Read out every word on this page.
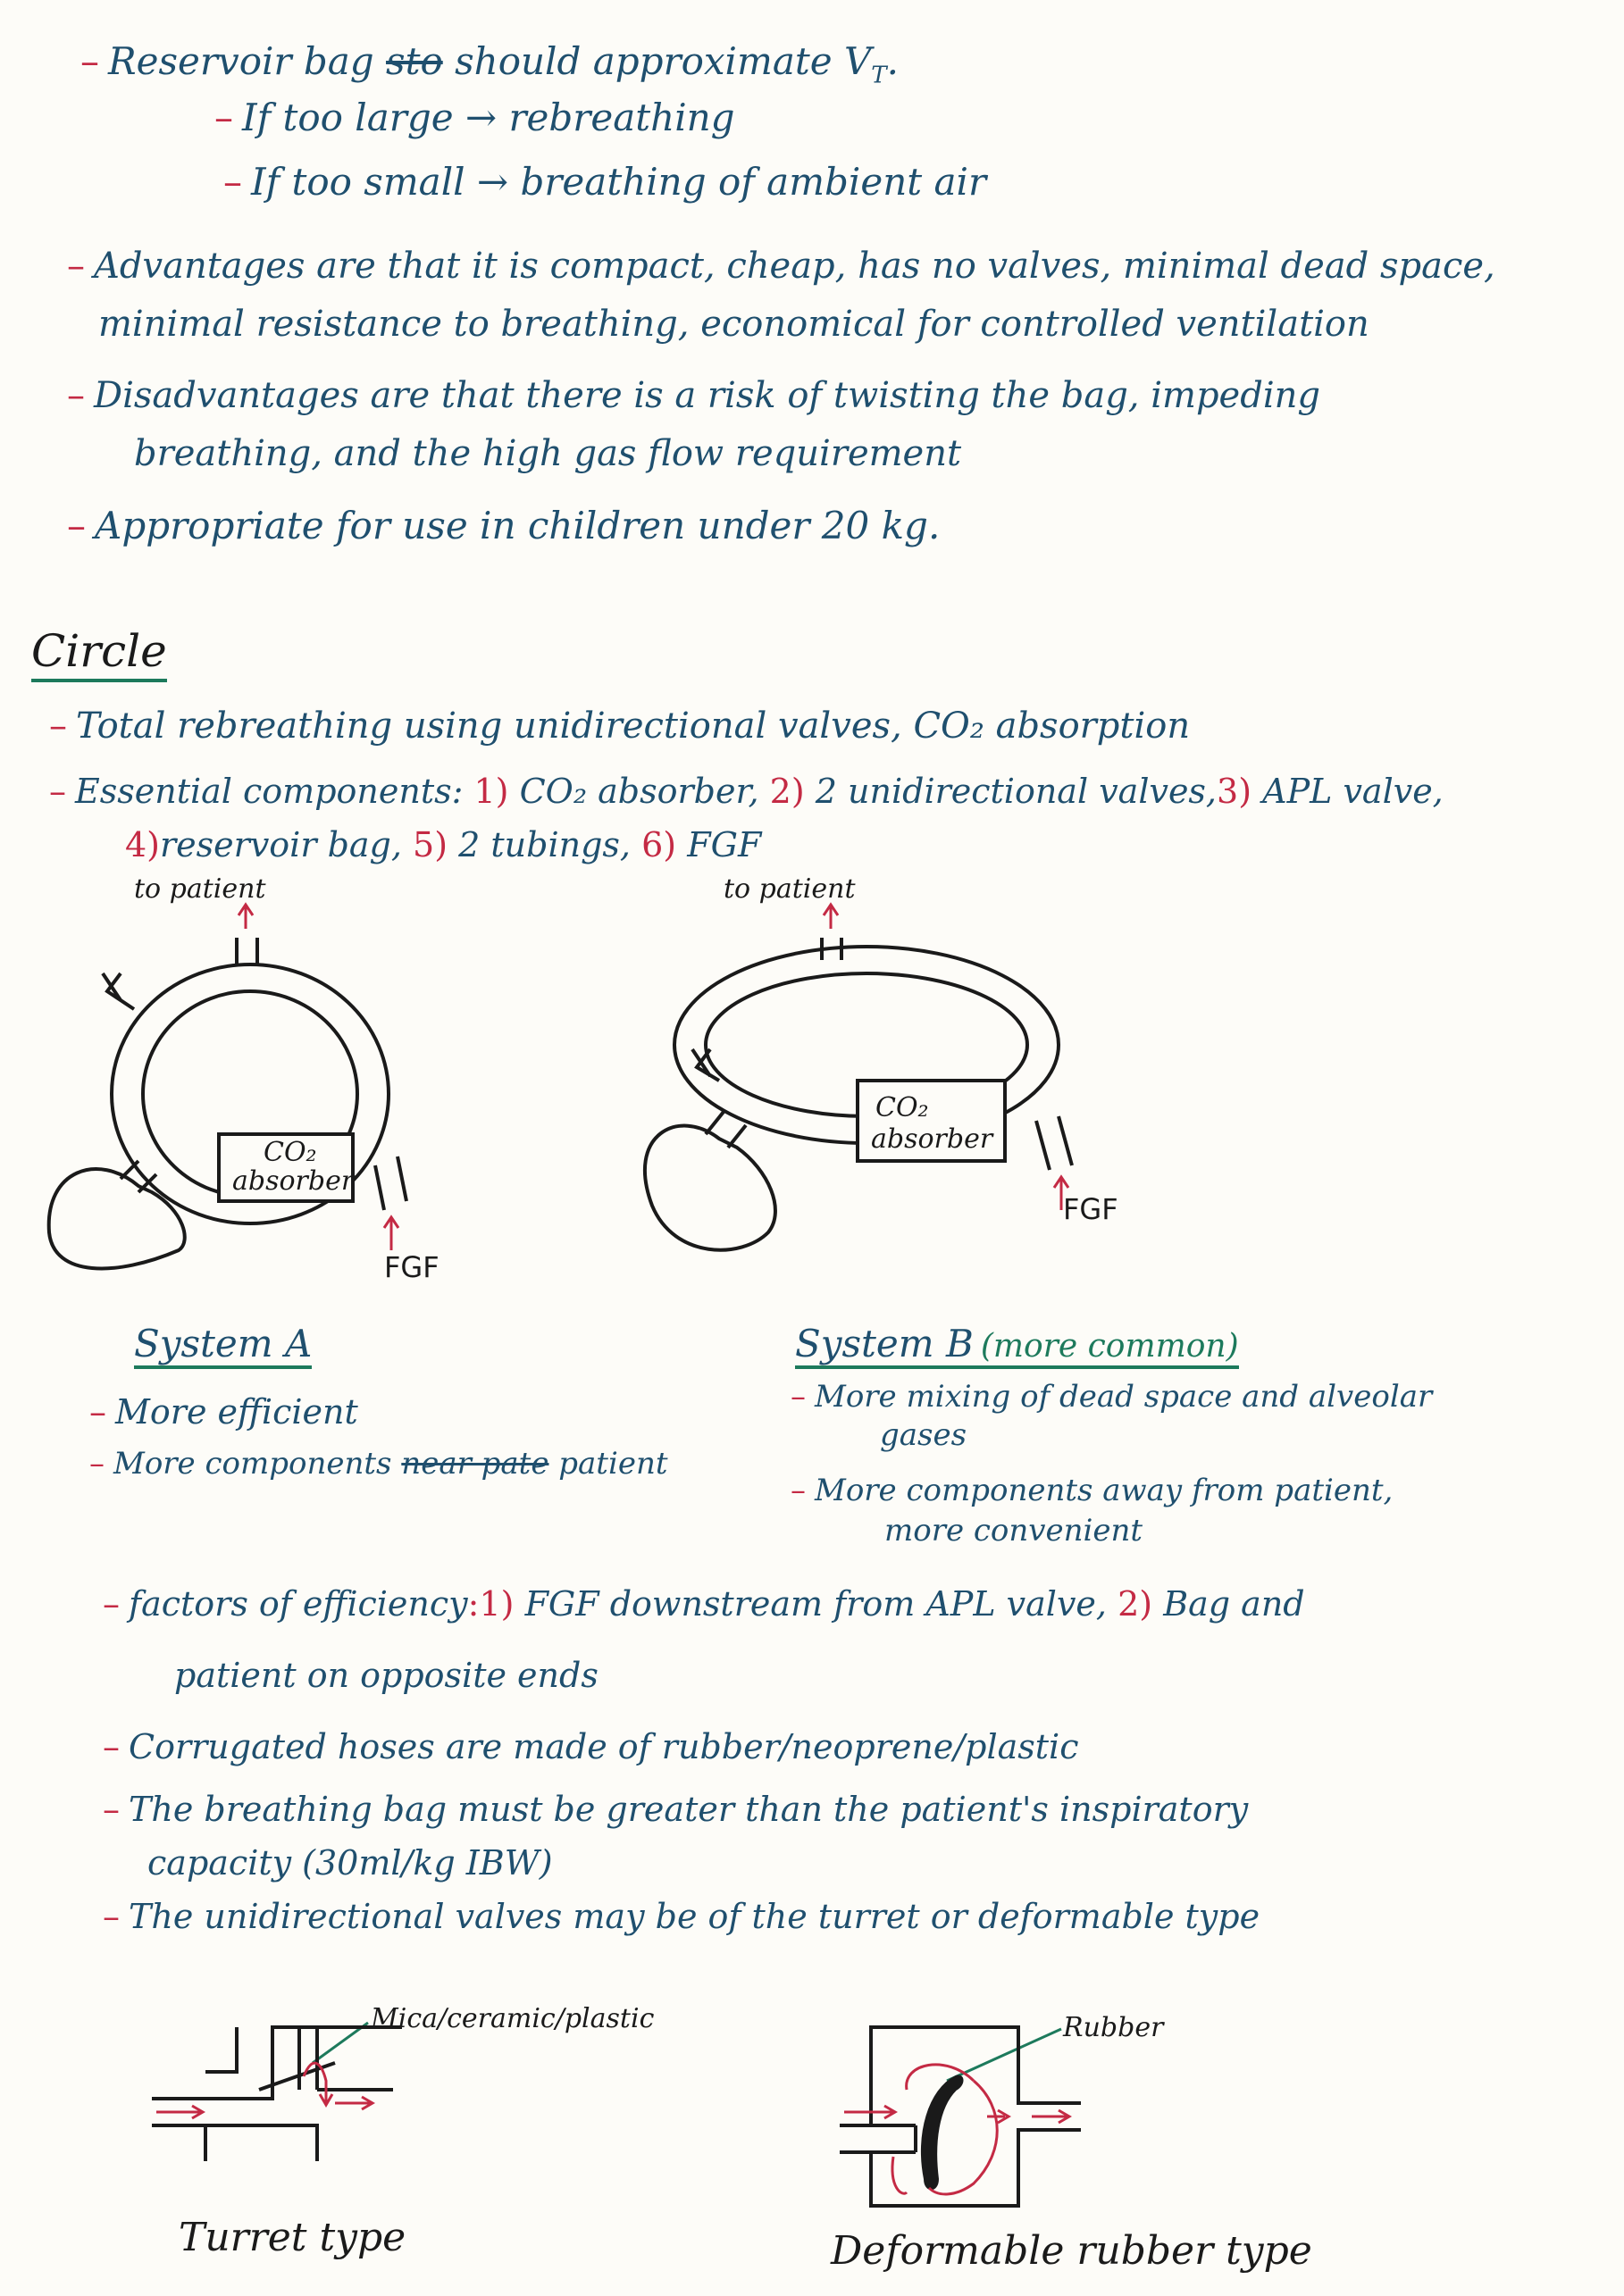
– Reservoir bag sto should approximate $V_T$.

– If too large → rebreathing

– If too small → breathing of ambient air

– Advantages are that it is compact, cheap, has no valves, minimal dead space,

minimal resistance to breathing, economical for controlled ventilation

– Disadvantages are that there is a risk of twisting the bag, impeding

breathing, and the high gas flow requirement

– Appropriate for use in children under 20 kg.

Circle

– Total rebreathing using unidirectional valves, CO₂ absorption

– Essential components: 1) CO₂ absorber, 2) 2 unidirectional valves,3) APL valve,

4)reservoir bag, 5) 2 tubings, 6) FGF

to patient
CO₂
absorber
FGF
to patient
CO₂
absorber
FGF

System A

– More efficient

– More components near pate patient

System B (more common)

– More mixing of dead space and alveolar

gases

– More components away from patient,

more convenient

– factors of efficiency:1) FGF downstream from APL valve, 2) Bag and

patient on opposite ends

– Corrugated hoses are made of rubber/neoprene/plastic

– The breathing bag must be greater than the patient's inspiratory

capacity (30ml/kg IBW)

– The unidirectional valves may be of the turret or deformable type

Mica/ceramic/plastic

Turret type

Rubber

Deformable rubber type
